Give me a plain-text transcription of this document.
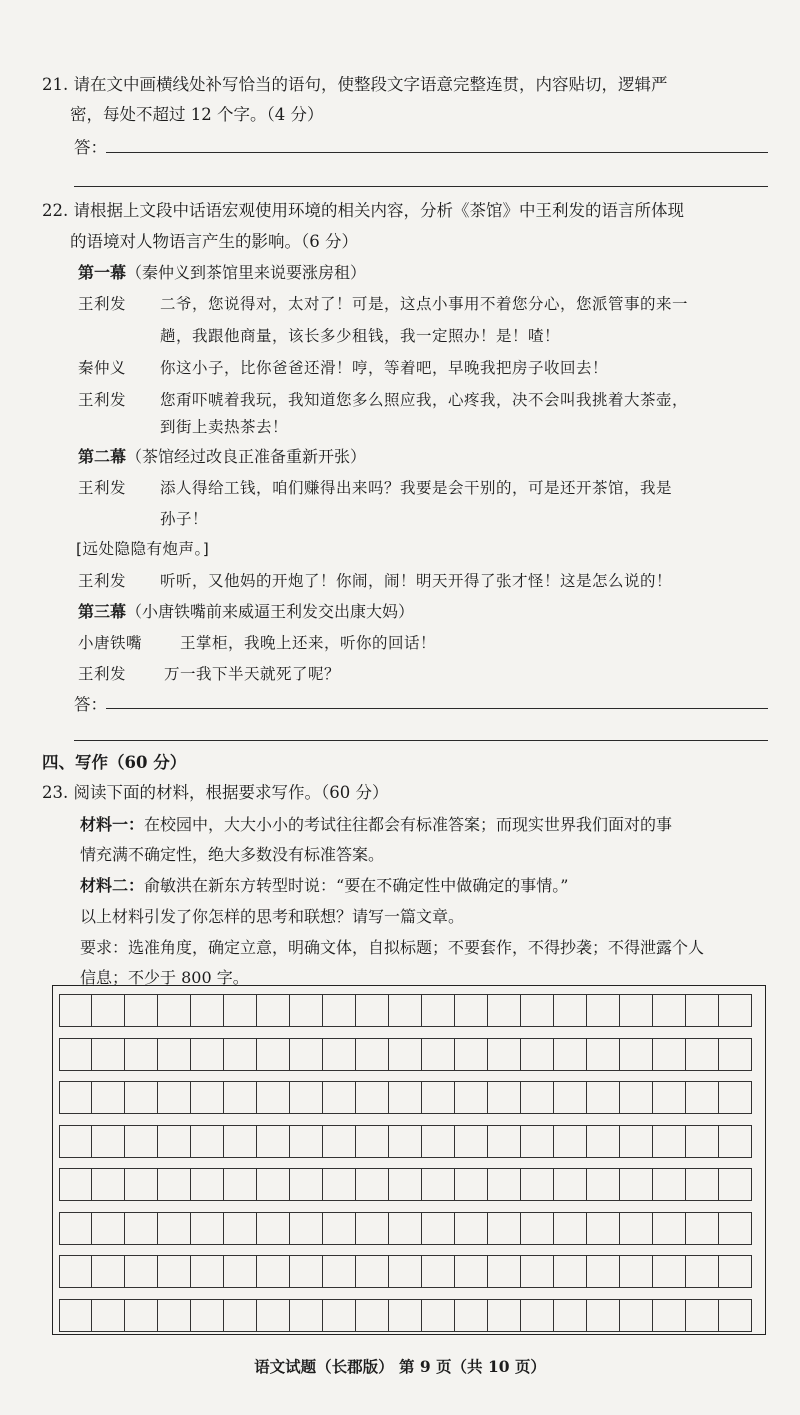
21. 请在文中画横线处补写恰当的语句，使整段文字语意完整连贯，内容贴切，逻辑严
密，每处不超过 12 个字。（4 分）
答：
22. 请根据上文段中话语宏观使用环境的相关内容，分析《茶馆》中王利发的语言所体现
的语境对人物语言产生的影响。（6 分）
第一幕（秦仲义到茶馆里来说要涨房租）
王利发 二爷，您说得对，太对了！可是，这点小事用不着您分心，您派管事的来一
趟，我跟他商量，该长多少租钱，我一定照办！是！喳！
秦仲义 你这小子，比你爸爸还滑！哼，等着吧，早晚我把房子收回去！
王利发 您甭吓唬着我玩，我知道您多么照应我，心疼我，决不会叫我挑着大茶壶，
到街上卖热茶去！
第二幕（茶馆经过改良正准备重新开张）
王利发 添人得给工钱，咱们赚得出来吗？我要是会干别的，可是还开茶馆，我是
孙子！
[远处隐隐有炮声。]
王利发 听听，又他妈的开炮了！你闹，闹！明天开得了张才怪！这是怎么说的！
第三幕（小唐铁嘴前来威逼王利发交出康大妈）
小唐铁嘴 王掌柜，我晚上还来，听你的回话！
王利发 万一我下半天就死了呢？
答：
四、写作（60 分）
23. 阅读下面的材料，根据要求写作。（60 分）
材料一：在校园中，大大小小的考试往往都会有标准答案；而现实世界我们面对的事
情充满不确定性，绝大多数没有标准答案。
材料二：俞敏洪在新东方转型时说：“要在不确定性中做确定的事情。”
以上材料引发了你怎样的思考和联想？请写一篇文章。
要求：选准角度，确定立意，明确文体，自拟标题；不要套作，不得抄袭；不得泄露个人
信息；不少于 800 字。
语文试题（长郡版） 第 9 页（共 10 页）
